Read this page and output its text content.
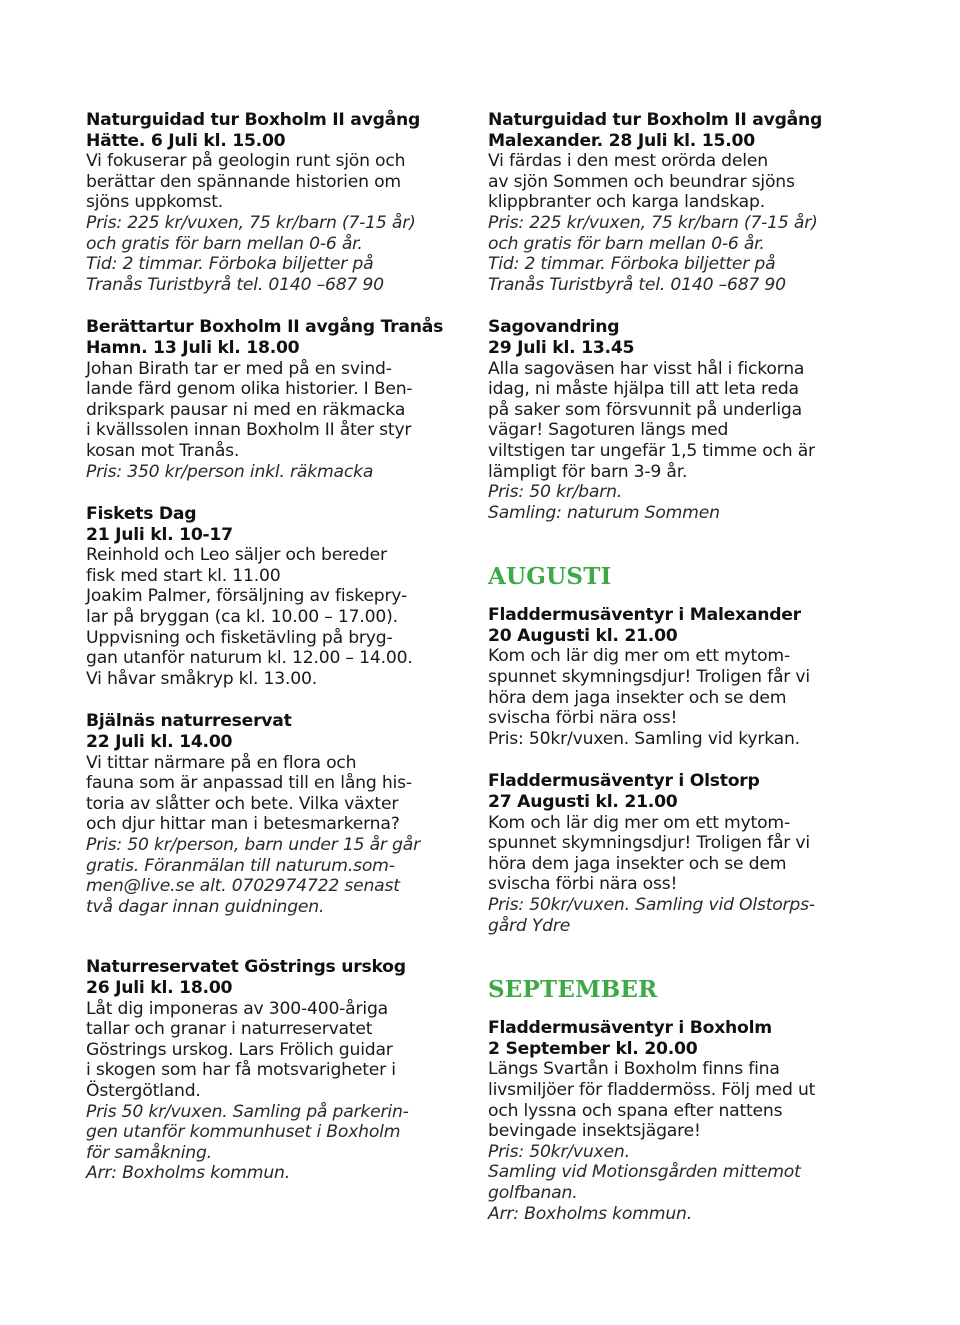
Naturguidad tur Boxholm II avgång
Hätte. 6 Juli kl. 15.00
Vi fokuserar på geologin runt sjön och
berättar den spännande historien om
sjöns uppkomst.
Pris: 225 kr/vuxen, 75 kr/barn (7-15 år)
och gratis för barn mellan 0-6 år.
Tid: 2 timmar. Förboka biljetter på
Tranås Turistbyrå tel. 0140 –687 90
Berättartur Boxholm II avgång Tranås
Hamn. 13 Juli kl. 18.00
Johan Birath tar er med på en svind-
lande färd genom olika historier. I Ben-
drikspark pausar ni med en räkmacka
i kvällssolen innan Boxholm II åter styr
kosan mot Tranås.
Pris: 350 kr/person inkl. räkmacka
Fiskets Dag
21 Juli kl. 10-17
Reinhold och Leo säljer och bereder
fisk med start kl. 11.00
Joakim Palmer, försäljning av fiskepry-
lar på bryggan (ca kl. 10.00 – 17.00).
Uppvisning och fisketävling på bryg-
gan utanför naturum kl. 12.00 – 14.00.
Vi håvar småkryp kl. 13.00.
Bjälnäs naturreservat
22 Juli kl. 14.00
Vi tittar närmare på en flora och
fauna som är anpassad till en lång his-
toria av slåtter och bete. Vilka växter
och djur hittar man i betesmarkerna?
Pris: 50 kr/person, barn under 15 år går
gratis. Föranmälan till naturum.som-
men@live.se alt. 0702974722 senast
två dagar innan guidningen.
Naturreservatet Göstrings urskog
26 Juli kl. 18.00
Låt dig imponeras av 300-400-åriga
tallar och granar i naturreservatet
Göstrings urskog. Lars Frölich guidar
i skogen som har få motsvarigheter i
Östergötland.
Pris 50 kr/vuxen. Samling på parkerin-
gen utanför kommunhuset i Boxholm
för samåkning.
Arr: Boxholms kommun.
Naturguidad tur Boxholm II avgång
Malexander. 28 Juli kl. 15.00
Vi färdas i den mest orörda delen
av sjön Sommen och beundrar sjöns
klippbranter och karga landskap.
Pris: 225 kr/vuxen, 75 kr/barn (7-15 år)
och gratis för barn mellan 0-6 år.
Tid: 2 timmar. Förboka biljetter på
Tranås Turistbyrå tel. 0140 –687 90
Sagovandring
29 Juli kl. 13.45
Alla sagoväsen har visst hål i fickorna
idag, ni måste hjälpa till att leta reda
på saker som försvunnit på underliga
vägar! Sagoturen längs med
viltstigen tar ungefär 1,5 timme och är
lämpligt för barn 3-9 år.
Pris: 50 kr/barn.
Samling: naturum Sommen
AUGUSTI
Fladdermusäventyr i Malexander
20 Augusti kl. 21.00
Kom och lär dig mer om ett mytom-
spunnet skymningsdjur! Troligen får vi
höra dem jaga insekter och se dem
svischa förbi nära oss!
Pris: 50kr/vuxen. Samling vid kyrkan.
Fladdermusäventyr i Olstorp
27 Augusti kl. 21.00
Kom och lär dig mer om ett mytom-
spunnet skymningsdjur! Troligen får vi
höra dem jaga insekter och se dem
svischa förbi nära oss!
Pris: 50kr/vuxen. Samling vid Olstorps-
gård Ydre
SEPTEMBER
Fladdermusäventyr i Boxholm
2 September kl. 20.00
Längs Svartån i Boxholm finns fina
livsmiljöer för fladdermöss. Följ med ut
och lyssna och spana efter nattens
bevingade insektsjägare!
Pris: 50kr/vuxen.
Samling vid Motionsgården mittemot
golfbanan.
Arr: Boxholms kommun.
